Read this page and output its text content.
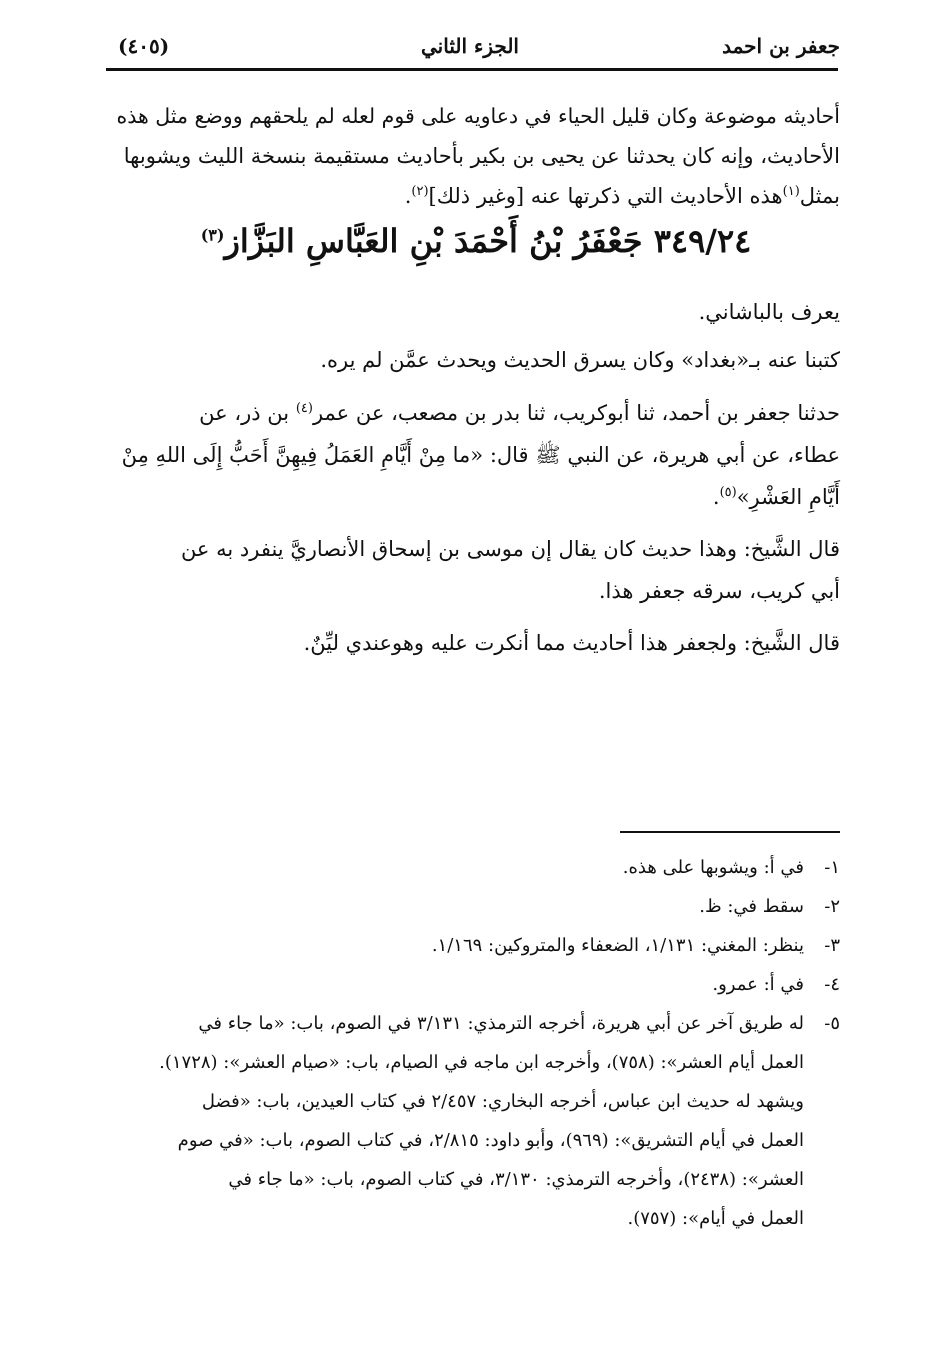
جعفر بن احمد
الجزء الثاني
(٤٠٥)

أحاديثه موضوعة وكان قليل الحياء في دعاويه على قوم لعله لم يلحقهم ووضع مثل هذه
الأحاديث، وإنه كان يحدثنا عن يحيى بن بكير بأحاديث مستقيمة بنسخة الليث ويشوبها
بمثل$^{(١)}$هذه الأحاديث التي ذكرتها عنه [وغير ذلك]$^{(٢)}$.

٣٤٩/٢٤ جَعْفَرُ بْنُ أَحْمَدَ بْنِ العَبَّاسِ البَزَّاز$^{(٣)}$

يعرف بالباشاني.

كتبنا عنه بـ«بغداد» وكان يسرق الحديث ويحدث عمَّن لم يره.

حدثنا جعفر بن أحمد، ثنا أبوكريب، ثنا بدر بن مصعب، عن عمر$^{(٤)}$ بن ذر، عن
عطاء، عن أبي هريرة، عن النبي ﷺ قال: «ما مِنْ أَيَّامِ العَمَلُ فِيهِنَّ أَحَبُّ إِلَى اللهِ مِنْ
أَيَّامِ العَشْرِ»$^{(٥)}$.

قال الشَّيخ: وهذا حديث كان يقال إن موسى بن إسحاق الأنصاريَّ ينفرد به عن
أبي كريب، سرقه جعفر هذا.

قال الشَّيخ: ولجعفر هذا أحاديث مما أنكرت عليه وهوعندي ليِّنٌ.

١-
في أ: ويشوبها على هذه.
٢-
سقط في: ظ.
٣-
ينظر: المغني: ١/١٣١، الضعفاء والمتروكين: ١/١٦٩.
٤-
في أ: عمرو.
٥-
له طريق آخر عن أبي هريرة، أخرجه الترمذي: ٣/١٣١ في الصوم، باب: «ما جاء في
العمل أيام العشر»: (٧٥٨)، وأخرجه ابن ماجه في الصيام، باب: «صيام العشر»: (١٧٢٨).
ويشهد له حديث ابن عباس، أخرجه البخاري: ٢/٤٥٧ في كتاب العيدين، باب: «فضل
العمل في أيام التشريق»: (٩٦٩)، وأبو داود: ٢/٨١٥، في كتاب الصوم، باب: «في صوم
العشر»: (٢٤٣٨)، وأخرجه الترمذي: ٣/١٣٠، في كتاب الصوم، باب: «ما جاء في
العمل في أيام»: (٧٥٧).
